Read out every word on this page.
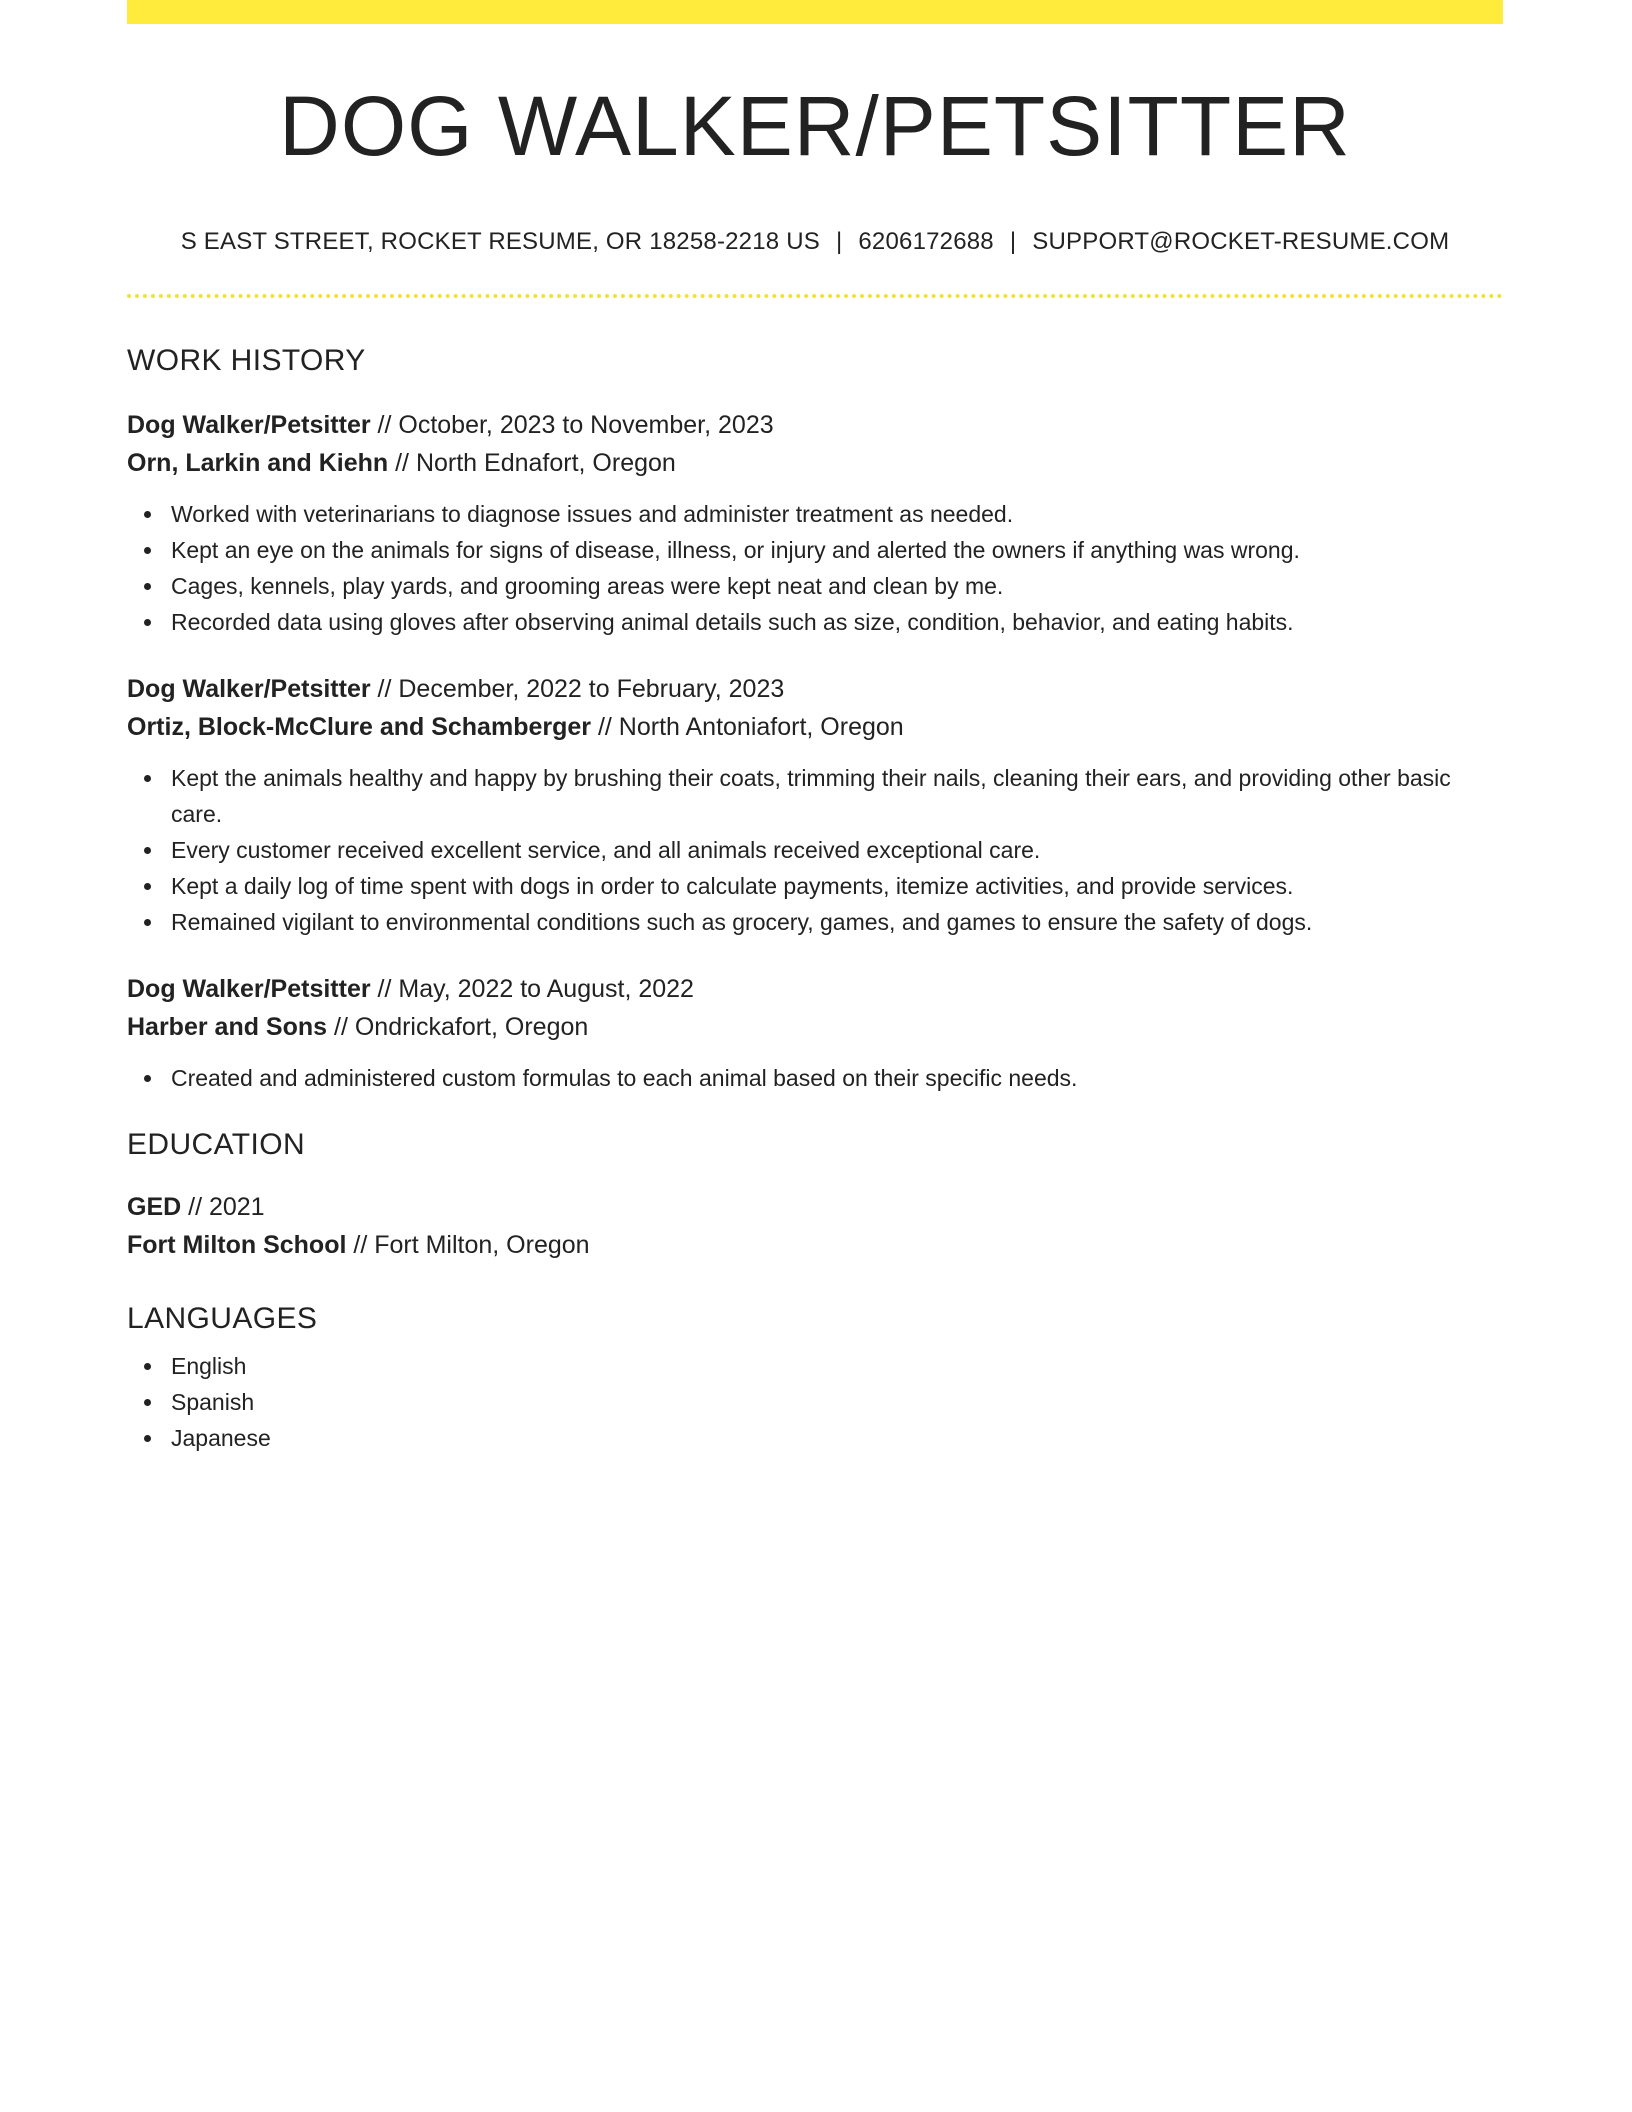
DOG WALKER/PETSITTER
S EAST STREET, ROCKET RESUME, OR 18258-2218 US | 6206172688 | SUPPORT@ROCKET-RESUME.COM
WORK HISTORY
Dog Walker/Petsitter // October, 2023 to November, 2023
Orn, Larkin and Kiehn // North Ednafort, Oregon
Worked with veterinarians to diagnose issues and administer treatment as needed.
Kept an eye on the animals for signs of disease, illness, or injury and alerted the owners if anything was wrong.
Cages, kennels, play yards, and grooming areas were kept neat and clean by me.
Recorded data using gloves after observing animal details such as size, condition, behavior, and eating habits.
Dog Walker/Petsitter // December, 2022 to February, 2023
Ortiz, Block-McClure and Schamberger // North Antoniafort, Oregon
Kept the animals healthy and happy by brushing their coats, trimming their nails, cleaning their ears, and providing other basic care.
Every customer received excellent service, and all animals received exceptional care.
Kept a daily log of time spent with dogs in order to calculate payments, itemize activities, and provide services.
Remained vigilant to environmental conditions such as grocery, games, and games to ensure the safety of dogs.
Dog Walker/Petsitter // May, 2022 to August, 2022
Harber and Sons // Ondrickafort, Oregon
Created and administered custom formulas to each animal based on their specific needs.
EDUCATION
GED // 2021
Fort Milton School // Fort Milton, Oregon
LANGUAGES
English
Spanish
Japanese
